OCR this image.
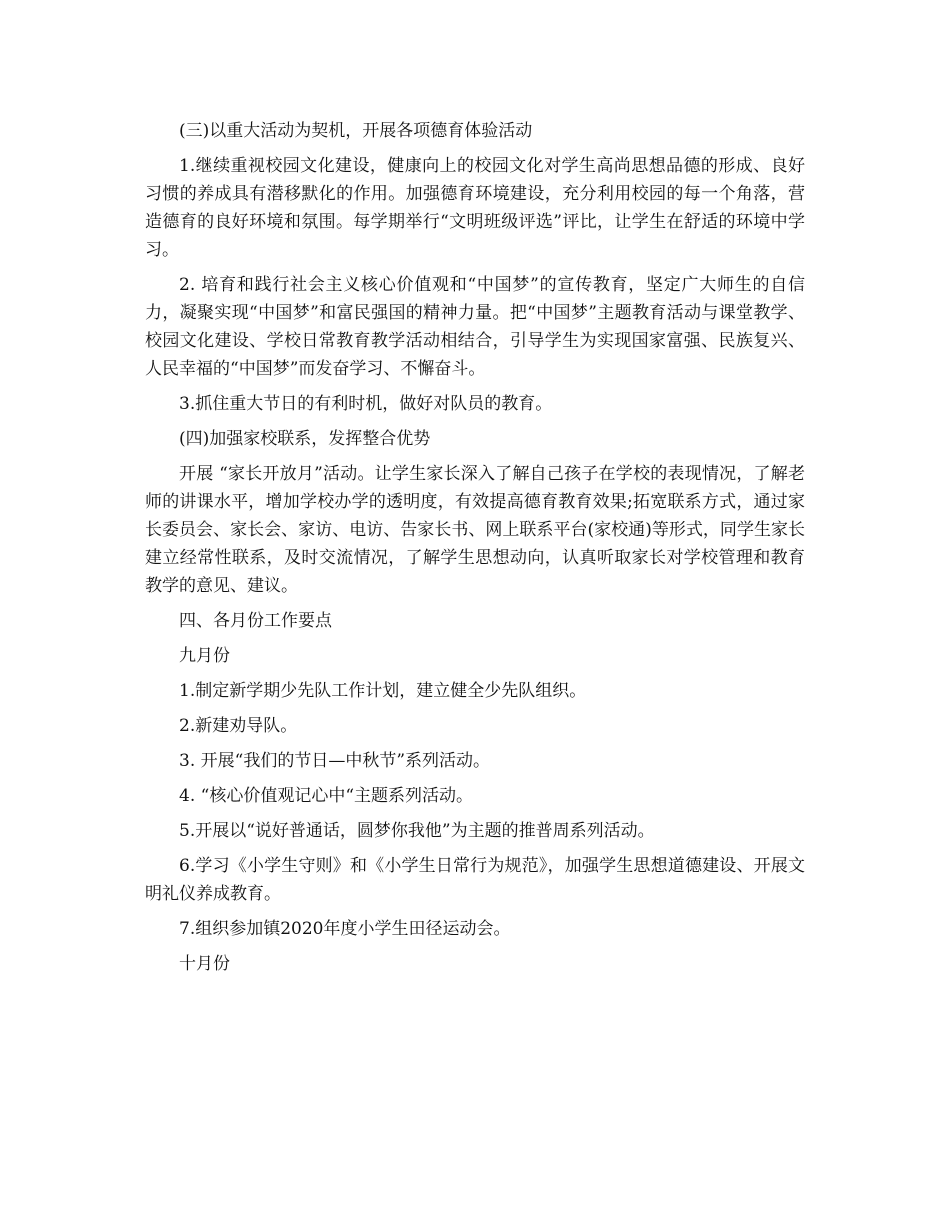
(三)以重大活动为契机，开展各项德育体验活动

1.继续重视校园文化建设，健康向上的校园文化对学生高尚思想品德的形成、良好习惯的养成具有潜移默化的作用。加强德育环境建设，充分利用校园的每一个角落，营造德育的良好环境和氛围。每学期举行“文明班级评选”评比，让学生在舒适的环境中学习。

2. 培育和践行社会主义核心价值观和“中国梦”的宣传教育，坚定广大师生的自信力，凝聚实现“中国梦”和富民强国的精神力量。把“中国梦”主题教育活动与课堂教学、校园文化建设、学校日常教育教学活动相结合，引导学生为实现国家富强、民族复兴、人民幸福的“中国梦”而发奋学习、不懈奋斗。

3.抓住重大节日的有利时机，做好对队员的教育。

(四)加强家校联系，发挥整合优势

开展 “家长开放月”活动。让学生家长深入了解自己孩子在学校的表现情况，了解老师的讲课水平，增加学校办学的透明度，有效提高德育教育效果;拓宽联系方式，通过家长委员会、家长会、家访、电访、告家长书、网上联系平台(家校通)等形式，同学生家长建立经常性联系，及时交流情况，了解学生思想动向，认真听取家长对学校管理和教育教学的意见、建议。

四、各月份工作要点

九月份

1.制定新学期少先队工作计划，建立健全少先队组织。

2.新建劝导队。

3. 开展“我们的节日—中秋节”系列活动。

4. “核心价值观记心中“主题系列活动。

5.开展以“说好普通话，圆梦你我他”为主题的推普周系列活动。

6.学习《小学生守则》和《小学生日常行为规范》，加强学生思想道德建设、开展文明礼仪养成教育。

7.组织参加镇2020年度小学生田径运动会。

十月份
